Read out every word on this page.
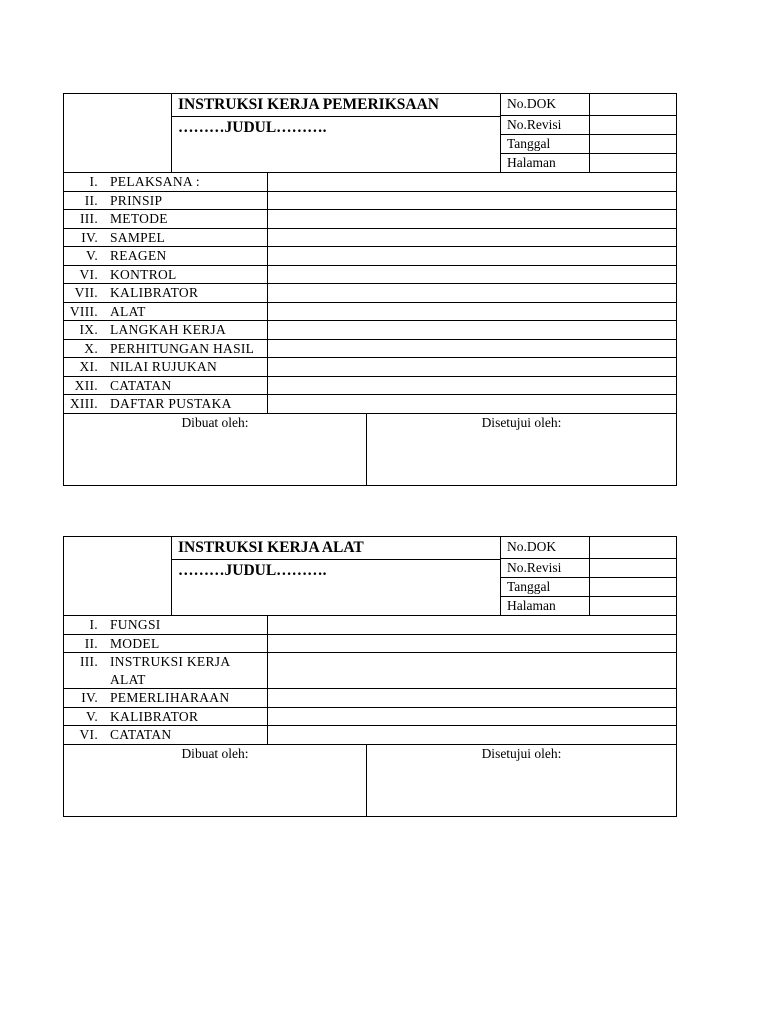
INSTRUKSI KERJA PEMERIKSAAN
………JUDUL……….
No.DOK
No.Revisi
Tanggal
Halaman
I. PELAKSANA :
II. PRINSIP
III. METODE
IV. SAMPEL
V. REAGEN
VI. KONTROL
VII. KALIBRATOR
VIII. ALAT
IX. LANGKAH KERJA
X. PERHITUNGAN HASIL
XI. NILAI RUJUKAN
XII. CATATAN
XIII. DAFTAR PUSTAKA
Dibuat oleh:	Disetujui oleh:
INSTRUKSI KERJA ALAT
………JUDUL……….
No.DOK
No.Revisi
Tanggal
Halaman
I. FUNGSI
II. MODEL
III. INSTRUKSI KERJA ALAT
IV. PEMERLIHARAAN
V. KALIBRATOR
VI. CATATAN
Dibuat oleh:	Disetujui oleh:
